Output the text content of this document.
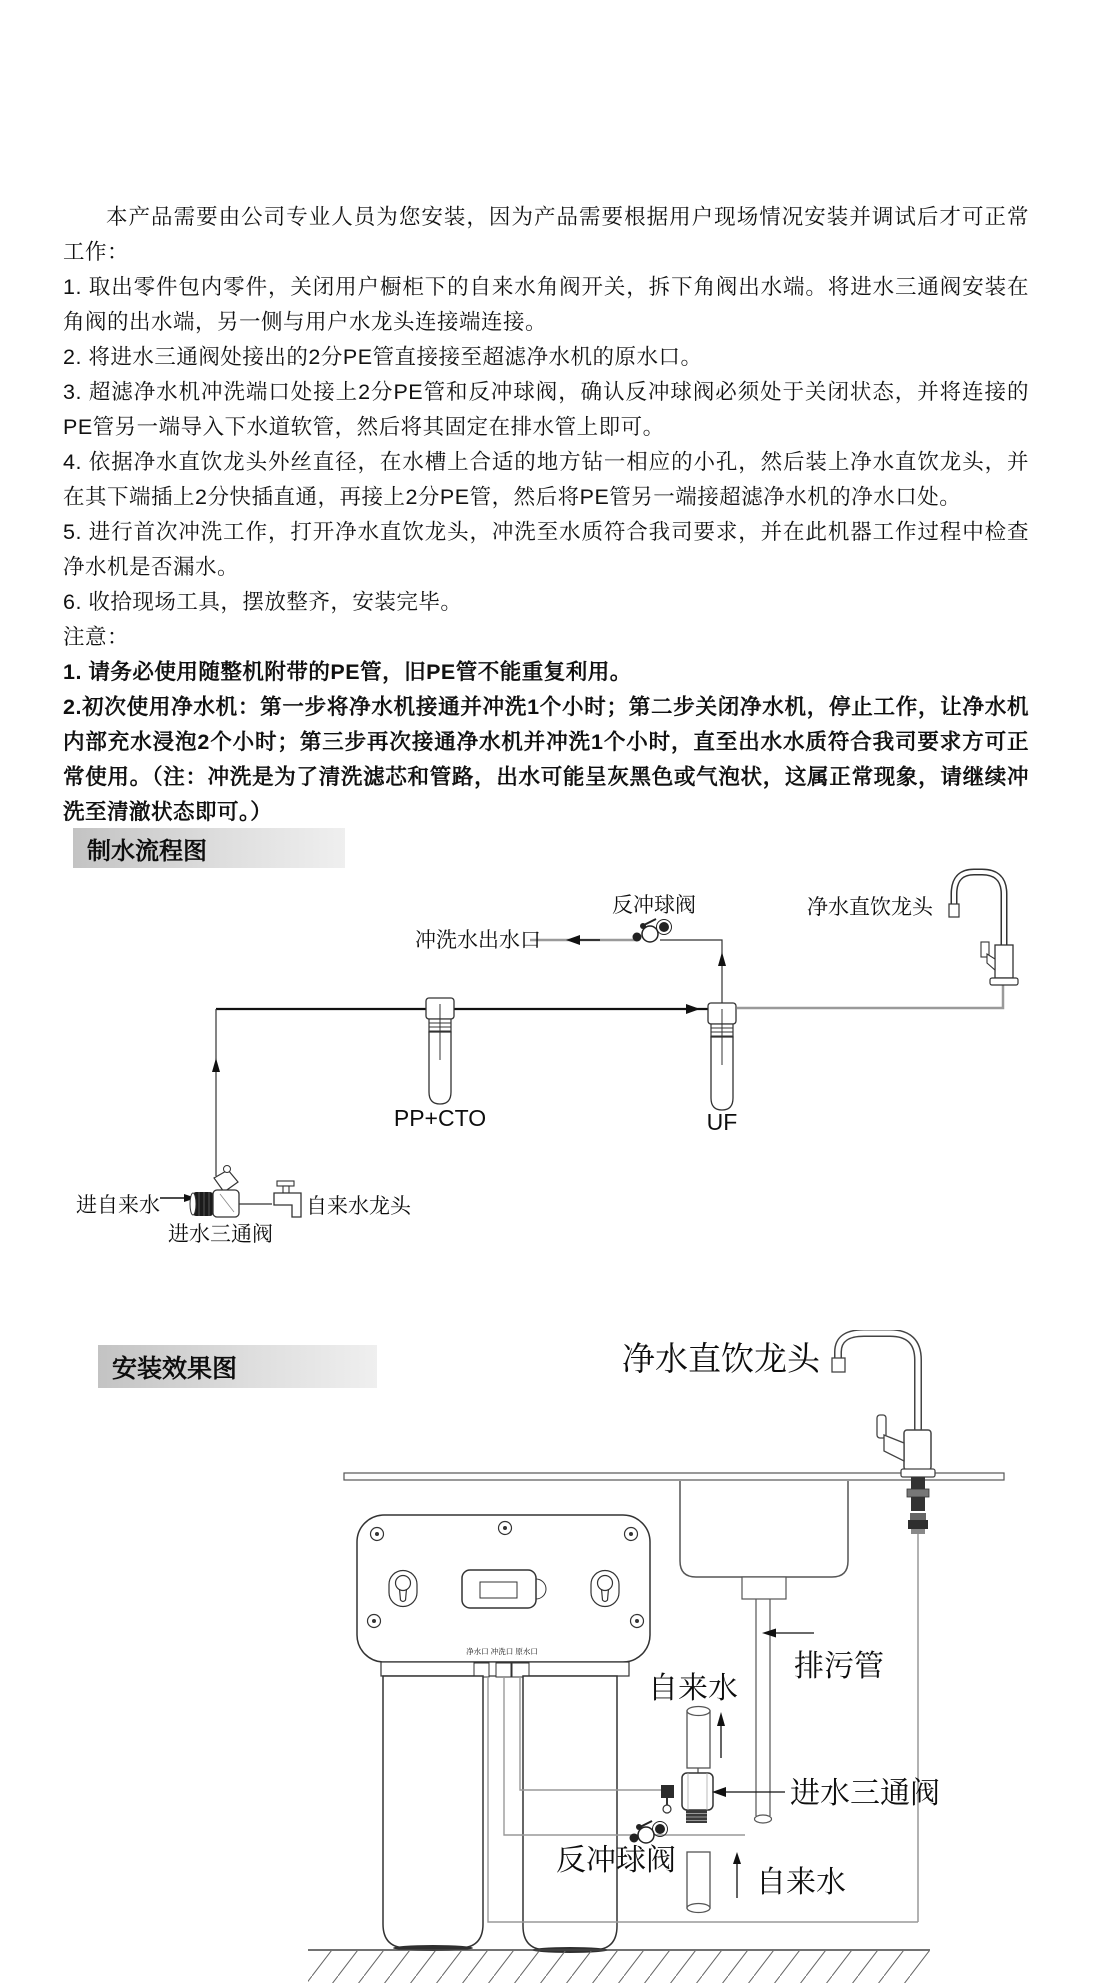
本产品需要由公司专业人员为您安装，因为产品需要根据用户现场情况安装并调试后才可正常工作：

1. 取出零件包内零件，关闭用户橱柜下的自来水角阀开关，拆下角阀出水端。将进水三通阀安装在角阀的出水端，另一侧与用户水龙头连接端连接。

2. 将进水三通阀处接出的2分PE管直接接至超滤净水机的原水口。

3. 超滤净水机冲洗端口处接上2分PE管和反冲球阀，确认反冲球阀必须处于关闭状态，并将连接的PE管另一端导入下水道软管，然后将其固定在排水管上即可。

4. 依据净水直饮龙头外丝直径，在水槽上合适的地方钻一相应的小孔，然后装上净水直饮龙头，并在其下端插上2分快插直通，再接上2分PE管，然后将PE管另一端接超滤净水机的净水口处。

5. 进行首次冲洗工作，打开净水直饮龙头，冲洗至水质符合我司要求，并在此机器工作过程中检查净水机是否漏水。

6. 收拾现场工具，摆放整齐，安装完毕。

注意：

1. 请务必使用随整机附带的PE管，旧PE管不能重复利用。

2.初次使用净水机：第一步将净水机接通并冲洗1个小时；第二步关闭净水机，停止工作，让净水机内部充水浸泡2个小时；第三步再次接通净水机并冲洗1个小时，直至出水水质符合我司要求方可正常使用。（注：冲洗是为了清洗滤芯和管路，出水可能呈灰黑色或气泡状，这属正常现象，请继续冲洗至清澈状态即可。）

制水流程图
冲洗水出水口
反冲球阀	净水直饮龙头
PP+CTO	UF
进自来水	自来水龙头
进水三通阀
安装效果图
净水口 冲洗口 原水口
净水直饮龙头
排污管
自来水
进水三通阀
反冲球阀
自来水
